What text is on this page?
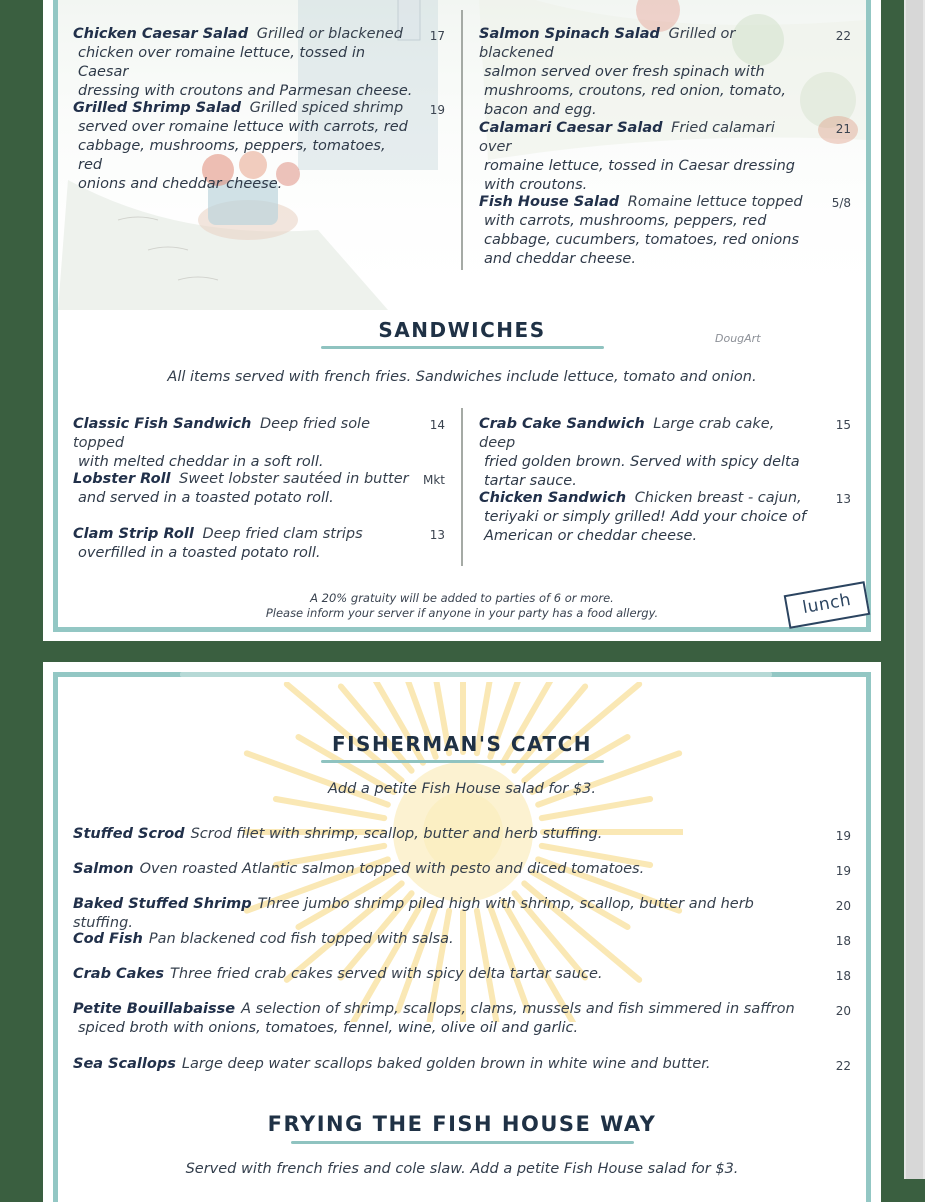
Chicken Caesar Salad Grilled or blackened
chicken over romaine lettuce, tossed in Caesar
dressing with croutons and Parmesan cheese.
17
Grilled Shrimp Salad Grilled spiced shrimp
served over romaine lettuce with carrots, red
cabbage, mushrooms, peppers, tomatoes, red
onions and cheddar cheese.
19
Salmon Spinach Salad Grilled or blackened
salmon served over fresh spinach with
mushrooms, croutons, red onion, tomato,
bacon and egg.
22
Calamari Caesar Salad Fried calamari over
romaine lettuce, tossed in Caesar dressing
with croutons.
21
Fish House Salad Romaine lettuce topped
with carrots, mushrooms, peppers, red
cabbage, cucumbers, tomatoes, red onions
and cheddar cheese.
5/8
SANDWICHES	DougArt
All items served with french fries. Sandwiches include lettuce, tomato and onion.
Classic Fish Sandwich Deep fried sole topped
with melted cheddar in a soft roll.
14
Lobster Roll Sweet lobster sautéed in butter
and served in a toasted potato roll.
Mkt
Clam Strip Roll Deep fried clam strips
overfilled in a toasted potato roll.
13
Crab Cake Sandwich Large crab cake, deep
fried golden brown. Served with spicy delta
tartar sauce.
15
Chicken Sandwich Chicken breast - cajun,
teriyaki or simply grilled! Add your choice of
American or cheddar cheese.
13
A 20% gratuity will be added to parties of 6 or more.
Please inform your server if anyone in your party has a food allergy.	lunch
FISHERMAN'S CATCH
Add a petite Fish House salad for $3.
Stuffed Scrod Scrod filet with shrimp, scallop, butter and herb stuffing.	19
Salmon Oven roasted Atlantic salmon topped with pesto and diced tomatoes.	19
Baked Stuffed Shrimp Three jumbo shrimp piled high with shrimp, scallop, butter and herb stuffing.
20
Cod Fish Pan blackened cod fish topped with salsa.	18
Crab Cakes Three fried crab cakes served with spicy delta tartar sauce.	18
Petite Bouillabaisse A selection of shrimp, scallops, clams, mussels and fish simmered in saffron
spiced broth with onions, tomatoes, fennel, wine, olive oil and garlic.
20
Sea Scallops Large deep water scallops baked golden brown in white wine and butter.	22
FRYING THE FISH HOUSE WAY
Served with french fries and cole slaw. Add a petite Fish House salad for $3.
